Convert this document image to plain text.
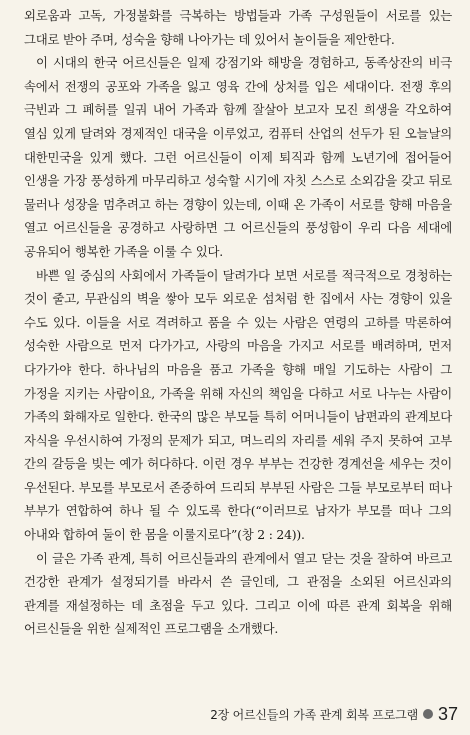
외로움과 고독, 가정불화를 극복하는 방법들과 가족 구성원들이 서로를 있는 그대로 받아 주며, 성숙을 향해 나아가는 데 있어서 놀이들을 제안한다.

이 시대의 한국 어르신들은 일제 강점기와 해방을 경험하고, 동족상잔의 비극 속에서 전쟁의 공포와 가족을 잃고 영육 간에 상처를 입은 세대이다. 전쟁 후의 극빈과 그 폐허를 일궈 내어 가족과 함께 잘살아 보고자 모진 희생을 각오하여 열심 있게 달려와 경제적인 대국을 이루었고, 컴퓨터 산업의 선두가 된 오늘날의 대한민국을 있게 했다. 그런 어르신들이 이제 퇴직과 함께 노년기에 접어들어 인생을 가장 풍성하게 마무리하고 성숙할 시기에 자칫 스스로 소외감을 갖고 뒤로 물러나 성장을 멈추려고 하는 경향이 있는데, 이때 온 가족이 서로를 향해 마음을 열고 어르신들을 공경하고 사랑하면 그 어르신들의 풍성함이 우리 다음 세대에 공유되어 행복한 가족을 이룰 수 있다.

바쁜 일 중심의 사회에서 가족들이 달려가다 보면 서로를 적극적으로 경청하는 것이 줄고, 무관심의 벽을 쌓아 모두 외로운 섬처럼 한 집에서 사는 경향이 있을 수도 있다. 이들을 서로 격려하고 품을 수 있는 사람은 연령의 고하를 막론하여 성숙한 사람으로 먼저 다가가고, 사랑의 마음을 가지고 서로를 배려하며, 먼저 다가가야 한다. 하나님의 마음을 품고 가족을 향해 매일 기도하는 사람이 그 가정을 지키는 사람이요, 가족을 위해 자신의 책임을 다하고 서로 나누는 사람이 가족의 화해자로 일한다. 한국의 많은 부모들 특히 어머니들이 남편과의 관계보다 자식을 우선시하여 가정의 문제가 되고, 며느리의 자리를 세워 주지 못하여 고부 간의 갈등을 빚는 예가 허다하다. 이런 경우 부부는 건강한 경계선을 세우는 것이 우선된다. 부모를 부모로서 존중하여 드리되 부부된 사람은 그들 부모로부터 떠나 부부가 연합하여 하나 될 수 있도록 한다(“이러므로 남자가 부모를 떠나 그의 아내와 합하여 둘이 한 몸을 이룰지로다”(창 2 : 24)).

이 글은 가족 관계, 특히 어르신들과의 관계에서 열고 닫는 것을 잘하여 바르고 건강한 관계가 설정되기를 바라서 쓴 글인데, 그 관점을 소외된 어르신과의 관계를 재설정하는 데 초점을 두고 있다. 그리고 이에 따른 관계 회복을 위해 어르신들을 위한 실제적인 프로그램을 소개했다.

2장 어르신들의 가족 관계 회복 프로그램 37
